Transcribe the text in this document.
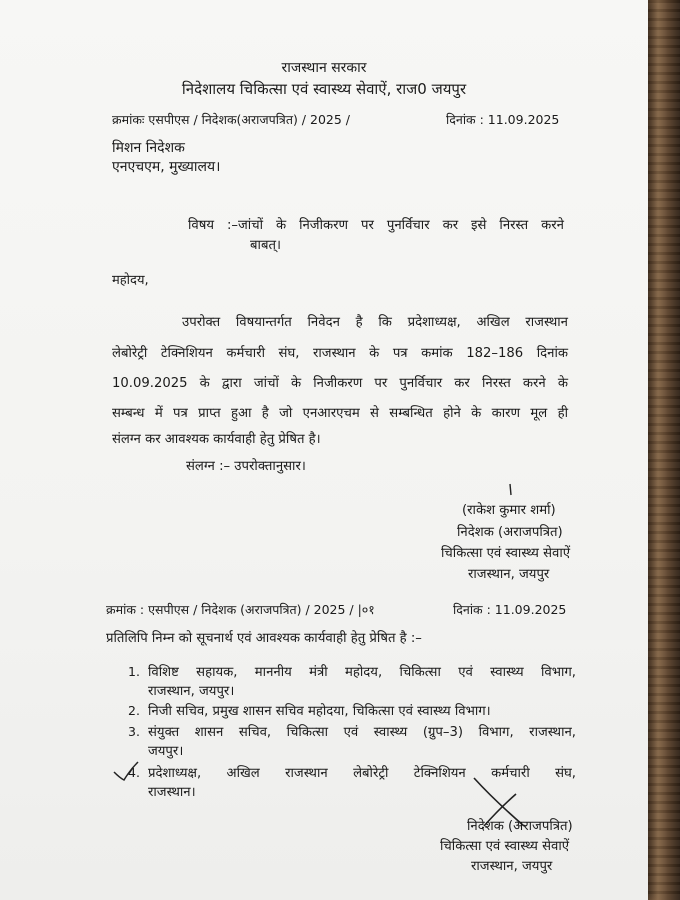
राजस्थान सरकार
निदेशालय चिकित्सा एवं स्वास्थ्य सेवाऐं, राज0 जयपुर
क्रमांकः एसपीएस / निदेशक(अराजपत्रित) / 2025 /	दिनांक : 11.09.2025
मिशन निदेशक
एनएचएम, मुख्यालय।
विषय :–जांचों के निजीकरण पर पुनर्विचार कर इसे निरस्त करने
बाबत्।
महोदय,
उपरोक्त विषयान्तर्गत निवेदन है कि प्रदेशाध्यक्ष, अखिल राजस्थान
लेबोरेट्री टेक्निशियन कर्मचारी संघ, राजस्थान के पत्र कमांक 182–186 दिनांक
10.09.2025 के द्वारा जांचों के निजीकरण पर पुनर्विचार कर निरस्त करने के
सम्बन्ध में पत्र प्राप्त हुआ है जो एनआरएचम से सम्बन्धित होने के कारण मूल ही
संलग्न कर आवश्यक कार्यवाही हेतु प्रेषित है।
संलग्न :– उपरोक्तानुसार।
(राकेश कुमार शर्मा)
निदेशक (अराजपत्रित)
चिकित्सा एवं स्वास्थ्य सेवाऐं
राजस्थान, जयपुर
क्रमांक : एसपीएस / निदेशक (अराजपत्रित) / 2025 / |०१	दिनांक : 11.09.2025
प्रतिलिपि निम्न को सूचनार्थ एवं आवश्यक कार्यवाही हेतु प्रेषित है :–
1. विशिष्ट सहायक, माननीय मंत्री महोदय, चिकित्सा एवं स्वास्थ्य विभाग,
राजस्थान, जयपुर।
2. निजी सचिव, प्रमुख शासन सचिव महोदया, चिकित्सा एवं स्वास्थ्य विभाग।
3. संयुक्त शासन सचिव, चिकित्सा एवं स्वास्थ्य (ग्रुप–3) विभाग, राजस्थान,
जयपुर।
4. प्रदेशाध्यक्ष, अखिल राजस्थान लेबोरेट्री टेक्निशियन कर्मचारी संघ,
राजस्थान।
निदेशक (अराजपत्रित)
चिकित्सा एवं स्वास्थ्य सेवाऐं
राजस्थान, जयपुर
